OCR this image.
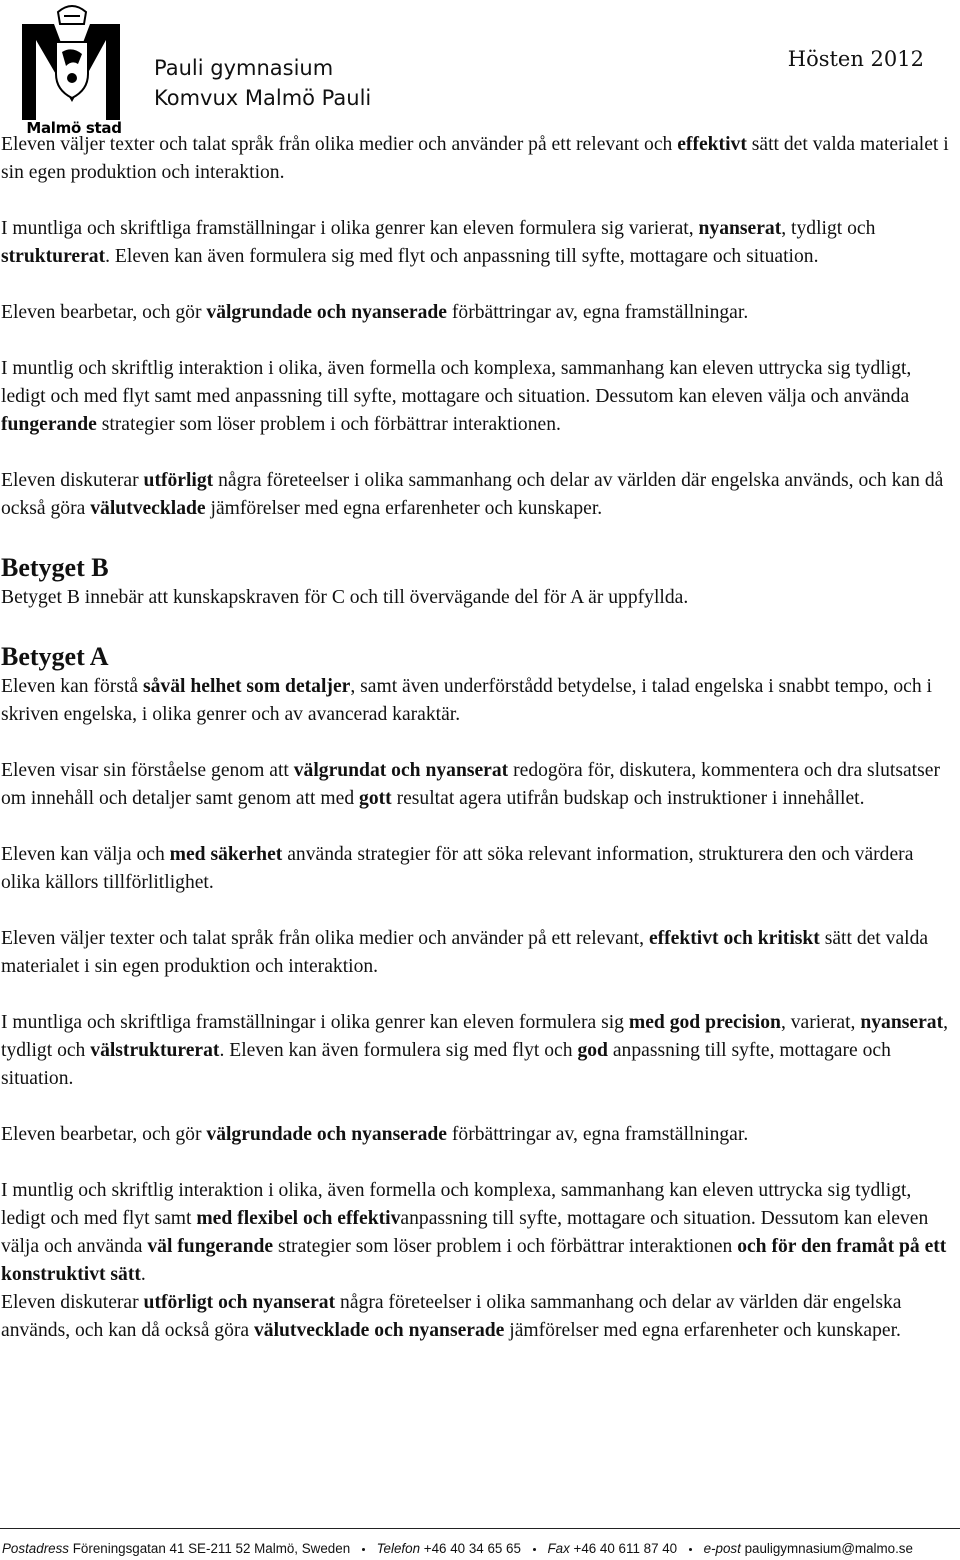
Malmö stad
Pauli gymnasium
Komvux Malmö Pauli
Hösten 2012

Eleven väljer texter och talat språk från olika medier och använder på ett relevant och effektivt sätt det valda materialet i sin egen produktion och interaktion.

I muntliga och skriftliga framställningar i olika genrer kan eleven formulera sig varierat, nyanserat, tydligt och strukturerat. Eleven kan även formulera sig med flyt och anpassning till syfte, mottagare och situation.

Eleven bearbetar, och gör välgrundade och nyanserade förbättringar av, egna framställningar.

I muntlig och skriftlig interaktion i olika, även formella och komplexa, sammanhang kan eleven uttrycka sig tydligt, ledigt och med flyt samt med anpassning till syfte, mottagare och situation. Dessutom kan eleven välja och använda fungerande strategier som löser problem i och förbättrar interaktionen.

Eleven diskuterar utförligt några företeelser i olika sammanhang och delar av världen där engelska används, och kan då också göra välutvecklade jämförelser med egna erfarenheter och kunskaper.

Betyget B

Betyget B innebär att kunskapskraven för C och till övervägande del för A är uppfyllda.

Betyget A

Eleven kan förstå såväl helhet som detaljer, samt även underförstådd betydelse, i talad engelska i snabbt tempo, och i skriven engelska, i olika genrer och av avancerad karaktär.

Eleven visar sin förståelse genom att välgrundat och nyanserat redogöra för, diskutera, kommentera och dra slutsatser om innehåll och detaljer samt genom att med gott resultat agera utifrån budskap och instruktioner i innehållet.

Eleven kan välja och med säkerhet använda strategier för att söka relevant information, strukturera den och värdera olika källors tillförlitlighet.

Eleven väljer texter och talat språk från olika medier och använder på ett relevant, effektivt och kritiskt sätt det valda materialet i sin egen produktion och interaktion.

I muntliga och skriftliga framställningar i olika genrer kan eleven formulera sig med god precision, varierat, nyanserat, tydligt och välstrukturerat. Eleven kan även formulera sig med flyt och god anpassning till syfte, mottagare och situation.

Eleven bearbetar, och gör välgrundade och nyanserade förbättringar av, egna framställningar.

I muntlig och skriftlig interaktion i olika, även formella och komplexa, sammanhang kan eleven uttrycka sig tydligt, ledigt och med flyt samt med flexibel och effektivanpassning till syfte, mottagare och situation. Dessutom kan eleven välja och använda väl fungerande strategier som löser problem i och förbättrar interaktionen och för den framåt på ett konstruktivt sätt.

Eleven diskuterar utförligt och nyanserat några företeelser i olika sammanhang och delar av världen där engelska används, och kan då också göra välutvecklade och nyanserade jämförelser med egna erfarenheter och kunskaper.

Postadress Föreningsgatan 41 SE-211 52 Malmö, Sweden Telefon +46 40 34 65 65 Fax +46 40 611 87 40 e-post pauligymnasium@malmo.se
